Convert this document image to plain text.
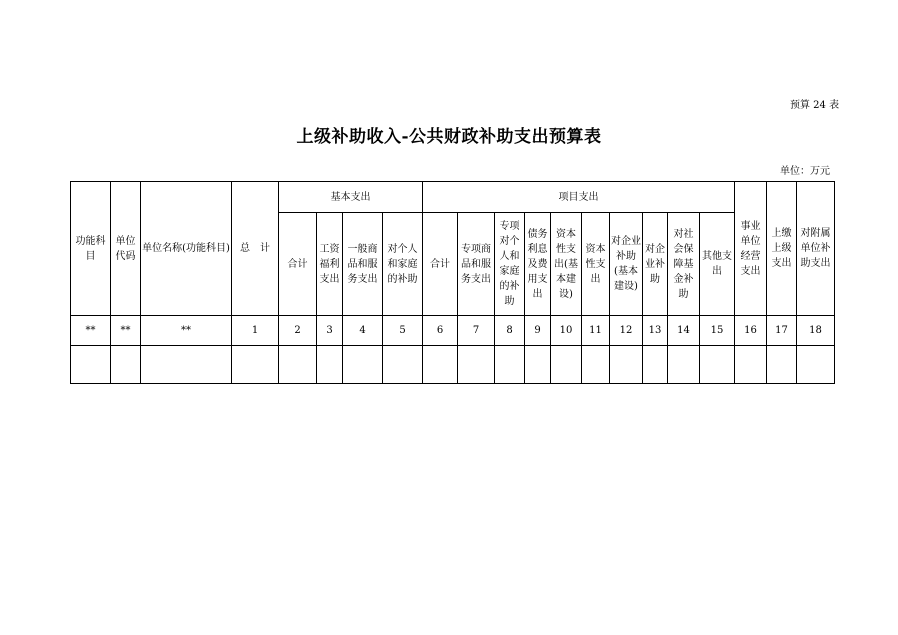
预算 24 表
上级补助收入-公共财政补助支出预算表
单位：万元
功能科目	单位代码	单位名称(功能科目)	总　计	基本支出				项目支出										事业单位经营支出	上缴上级支出	对附属单位补助支出
				合计	工资福利支出	一般商品和服务支出	对个人和家庭的补助	合计	专项商品和服务支出	专项对个人和家庭的补助	债务利息及费用支出	资本性支出(基本建设)	资本性支出	对企业补助(基本建设)	对企业补助	对社会保障基金补助	其他支出			
**	**	**	1	2	3	4	5	6	7	8	9	10	11	12	13	14	15	16	17	18
